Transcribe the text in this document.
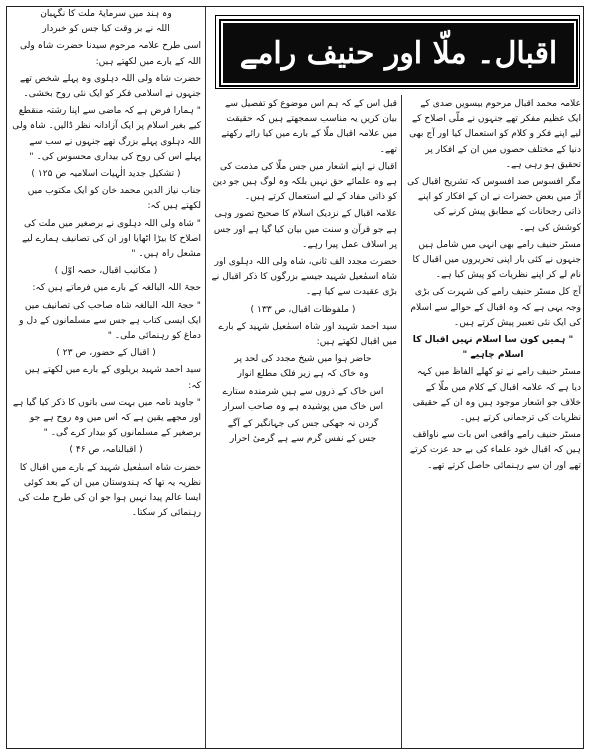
اقبال۔ ملّا اور حنیف رامے

علامہ محمد اقبال مرحوم بیسویں صدی کے ایک عظیم مفکر تھے جنہوں نے ملّی اصلاح کے لیے اپنے فکر و کلام کو استعمال کیا اور آج بھی دنیا کے مختلف حصوں میں ان کے افکار پر تحقیق ہو رہی ہے۔

مگر افسوس صد افسوس کہ تشریح اقبال کی آڑ میں بعض حضرات نے ان کے افکار کو اپنے ذاتی رجحانات کے مطابق پیش کرنے کی کوشش کی ہے۔

مسٹر حنیف رامے بھی انہی میں شامل ہیں جنہوں نے کئی بار اپنی تحریروں میں اقبال کا نام لے کر اپنے نظریات کو پیش کیا ہے۔

آج کل مسٹر حنیف رامے کی شہرت کی بڑی وجہ یہی ہے کہ وہ اقبال کے حوالے سے اسلام کی ایک نئی تعبیر پیش کرتے ہیں۔

" ہمیں کون سا اسلام نہیں اقبال کا اسلام چاہیے "

مسٹر حنیف رامے نے تو کھلے الفاظ میں کہہ دیا ہے کہ علامہ اقبال کے کلام میں ملّا کے خلاف جو اشعار موجود ہیں وہ ان کے حقیقی نظریات کی ترجمانی کرتے ہیں۔

مسٹر حنیف رامے واقعی اس بات سے ناواقف ہیں کہ اقبال خود علماء کی بے حد عزت کرتے تھے اور ان سے رہنمائی حاصل کرتے تھے۔

قبل اس کے کہ ہم اس موضوع کو تفصیل سے بیان کریں یہ مناسب سمجھتے ہیں کہ حقیقت میں علامہ اقبال ملّا کے بارے میں کیا رائے رکھتے تھے۔

اقبال نے اپنے اشعار میں جس ملّا کی مذمت کی ہے وہ علمائے حق نہیں بلکہ وہ لوگ ہیں جو دین کو ذاتی مفاد کے لیے استعمال کرتے ہیں۔

علامہ اقبال کے نزدیک اسلام کا صحیح تصور وہی ہے جو قرآن و سنت میں بیان کیا گیا ہے اور جس پر اسلاف عمل پیرا رہے۔

حضرت مجدد الف ثانی، شاہ ولی اللہ دہلوی اور شاہ اسمٰعیل شہید جیسے بزرگوں کا ذکر اقبال نے بڑی عقیدت سے کیا ہے۔

( ملفوظات اقبال، ص ۱۳۳ )

سید احمد شہید اور شاہ اسمٰعیل شہید کے بارے میں اقبال لکھتے ہیں:

حاضر ہوا میں شیخ مجدد کی لحد پر

وہ خاک کہ ہے زیر فلک مطلع انوار

اس خاک کے ذروں سے ہیں شرمندہ ستارے

اس خاک میں پوشیدہ ہے وہ صاحب اسرار

گردن نہ جھکی جس کی جہانگیر کے آگے

جس کے نفس گرم سے ہے گرمیٔ احرار

وہ ہند میں سرمایۂ ملت کا نگہبان

اللہ نے بر وقت کیا جس کو خبردار

اسی طرح علامہ مرحوم سیدنا حضرت شاہ ولی اللہ کے بارے میں لکھتے ہیں:

حضرت شاہ ولی اللہ دہلوی وہ پہلے شخص تھے جنہوں نے اسلامی فکر کو ایک نئی روح بخشی۔

" ہمارا فرض ہے کہ ماضی سے اپنا رشتہ منقطع کیے بغیر اسلام پر ایک آزادانہ نظر ڈالیں۔ شاہ ولی اللہ دہلوی پہلے بزرگ تھے جنہوں نے سب سے پہلے اس کی روح کی بیداری محسوس کی۔ "

( تشکیل جدید الٰہیات اسلامیہ ص ۱۲۵ )

جناب نیاز الدین محمد خان کو ایک مکتوب میں لکھتے ہیں کہ:

" شاہ ولی اللہ دہلوی نے برصغیر میں ملت کی اصلاح کا بیڑا اٹھایا اور ان کی تصانیف ہمارے لیے مشعل راہ ہیں۔ "

( مکاتیب اقبال، حصہ اوّل )

حجۃ اللہ البالغہ کے بارے میں فرماتے ہیں کہ:

" حجۃ اللہ البالغہ شاہ صاحب کی تصانیف میں ایک ایسی کتاب ہے جس سے مسلمانوں کے دل و دماغ کو رہنمائی ملی۔ "

( اقبال کے حضور، ص ۲۳ )

سید احمد شہید بریلوی کے بارے میں لکھتے ہیں کہ:

" جاوید نامہ میں بہت سی باتوں کا ذکر کیا گیا ہے اور مجھے یقین ہے کہ اس میں وہ روح ہے جو برصغیر کے مسلمانوں کو بیدار کرے گی۔ "

( اقبالنامہ، ص ۴۶ )

حضرت شاہ اسمٰعیل شہید کے بارے میں اقبال کا نظریہ یہ تھا کہ ہندوستان میں ان کے بعد کوئی ایسا عالم پیدا نہیں ہوا جو ان کی طرح ملت کی رہنمائی کر سکتا۔
